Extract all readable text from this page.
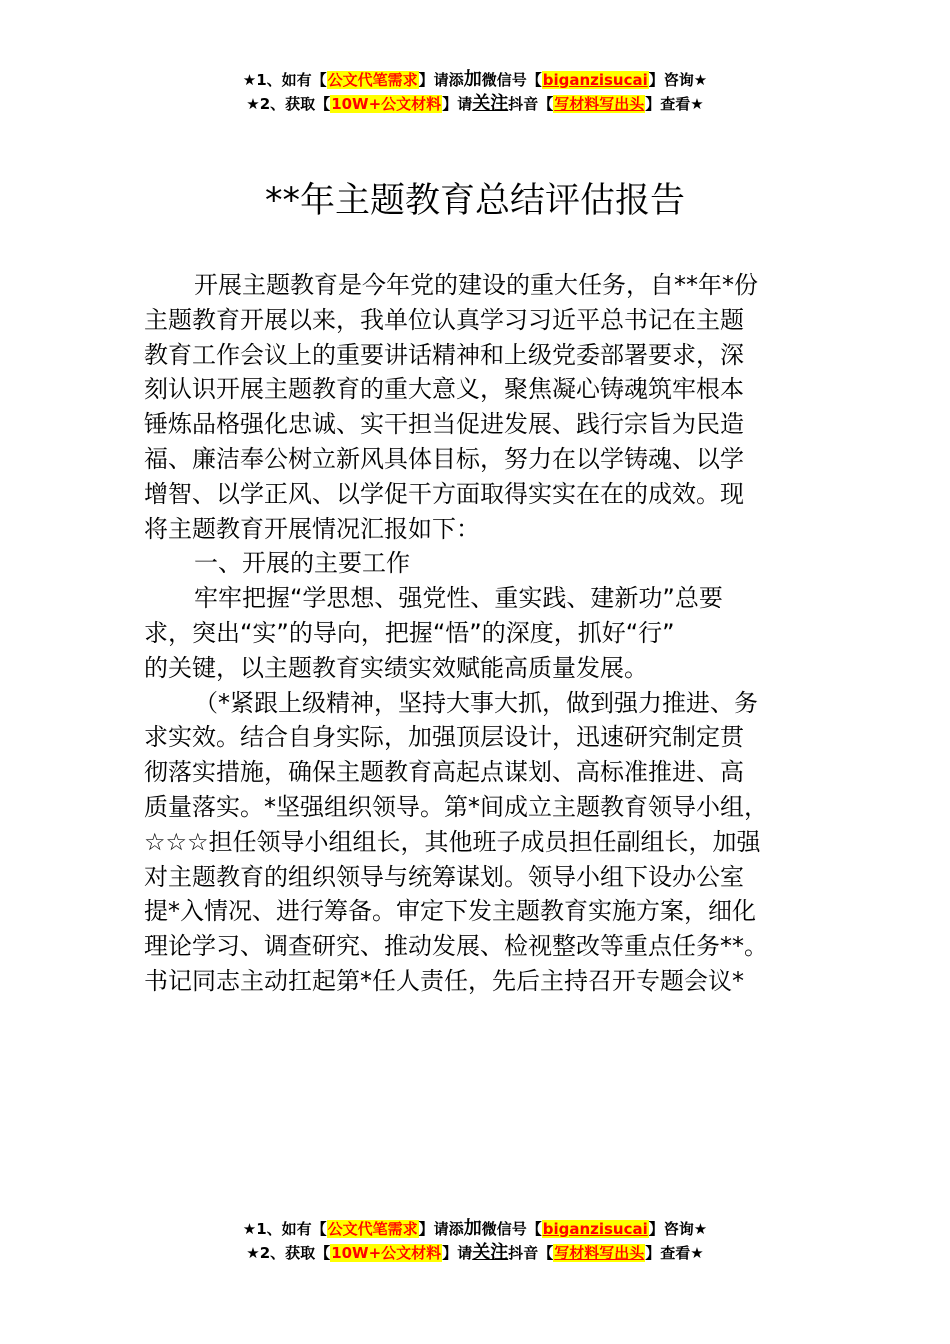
★1、如有【公文代笔需求】请添加微信号【biganzisucai】咨询★
★2、获取【10W+公文材料】请关注抖音【写材料写出头】查看★
**年主题教育总结评估报告
开展主题教育是今年党的建设的重大任务，自**年*份
主题教育开展以来，我单位认真学习习近平总书记在主题
教育工作会议上的重要讲话精神和上级党委部署要求，深
刻认识开展主题教育的重大意义，聚焦凝心铸魂筑牢根本
锤炼品格强化忠诚、实干担当促进发展、践行宗旨为民造
福、廉洁奉公树立新风具体目标，努力在以学铸魂、以学
增智、以学正风、以学促干方面取得实实在在的成效。现
将主题教育开展情况汇报如下：
一、开展的主要工作
牢牢把握“学思想、强党性、重实践、建新功”总要
求，突出“实”的导向，把握“悟”的深度，抓好“行”
的关键，以主题教育实绩实效赋能高质量发展。
（*紧跟上级精神，坚持大事大抓，做到强力推进、务
求实效。结合自身实际，加强顶层设计，迅速研究制定贯
彻落实措施，确保主题教育高起点谋划、高标准推进、高
质量落实。*坚强组织领导。第*间成立主题教育领导小组，
☆☆☆担任领导小组组长，其他班子成员担任副组长，加强
对主题教育的组织领导与统筹谋划。领导小组下设办公室
提*入情况、进行筹备。审定下发主题教育实施方案，细化
理论学习、调查研究、推动发展、检视整改等重点任务**。
书记同志主动扛起第*任人责任，先后主持召开专题会议*
★1、如有【公文代笔需求】请添加微信号【biganzisucai】咨询★
★2、获取【10W+公文材料】请关注抖音【写材料写出头】查看★
